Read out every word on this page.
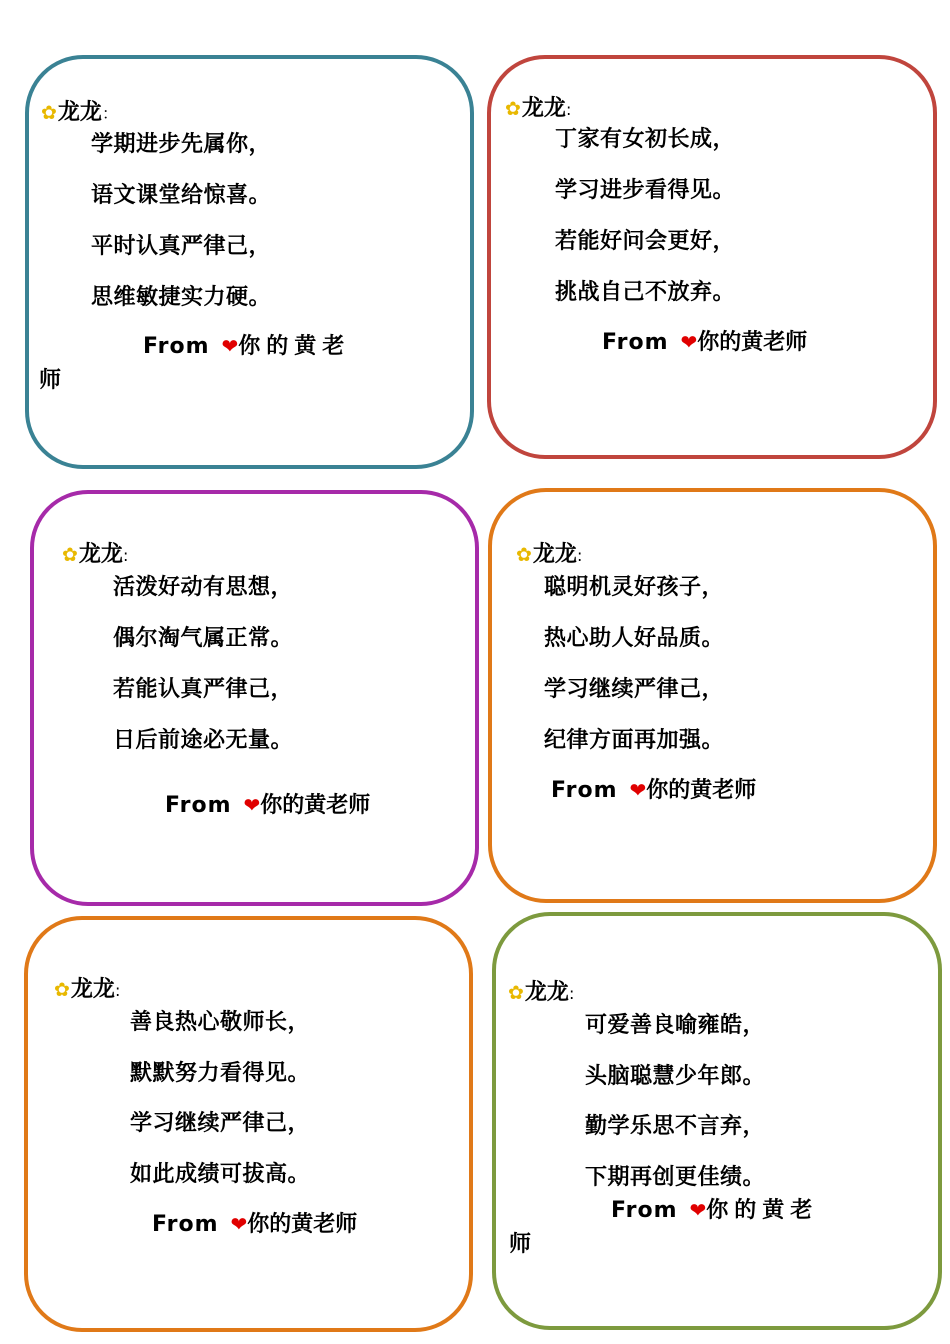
✿龙龙：
学期进步先属你，
语文课堂给惊喜。
平时认真严律己，
思维敏捷实力硬。
From ❤你的黄老
师
✿龙龙:
丁家有女初长成，
学习进步看得见。
若能好问会更好，
挑战自己不放弃。
From ❤你的黄老师
✿龙龙:
活泼好动有思想，
偶尔淘气属正常。
若能认真严律己，
日后前途必无量。
From ❤你的黄老师
✿龙龙:
聪明机灵好孩子，
热心助人好品质。
学习继续严律己，
纪律方面再加强。
From ❤你的黄老师
✿龙龙:
善良热心敬师长，
默默努力看得见。
学习继续严律己，
如此成绩可拔高。
From ❤你的黄老师
✿龙龙:
可爱善良喻雍皓，
头脑聪慧少年郎。
勤学乐思不言弃，
下期再创更佳绩。
From ❤你的黄老
师
